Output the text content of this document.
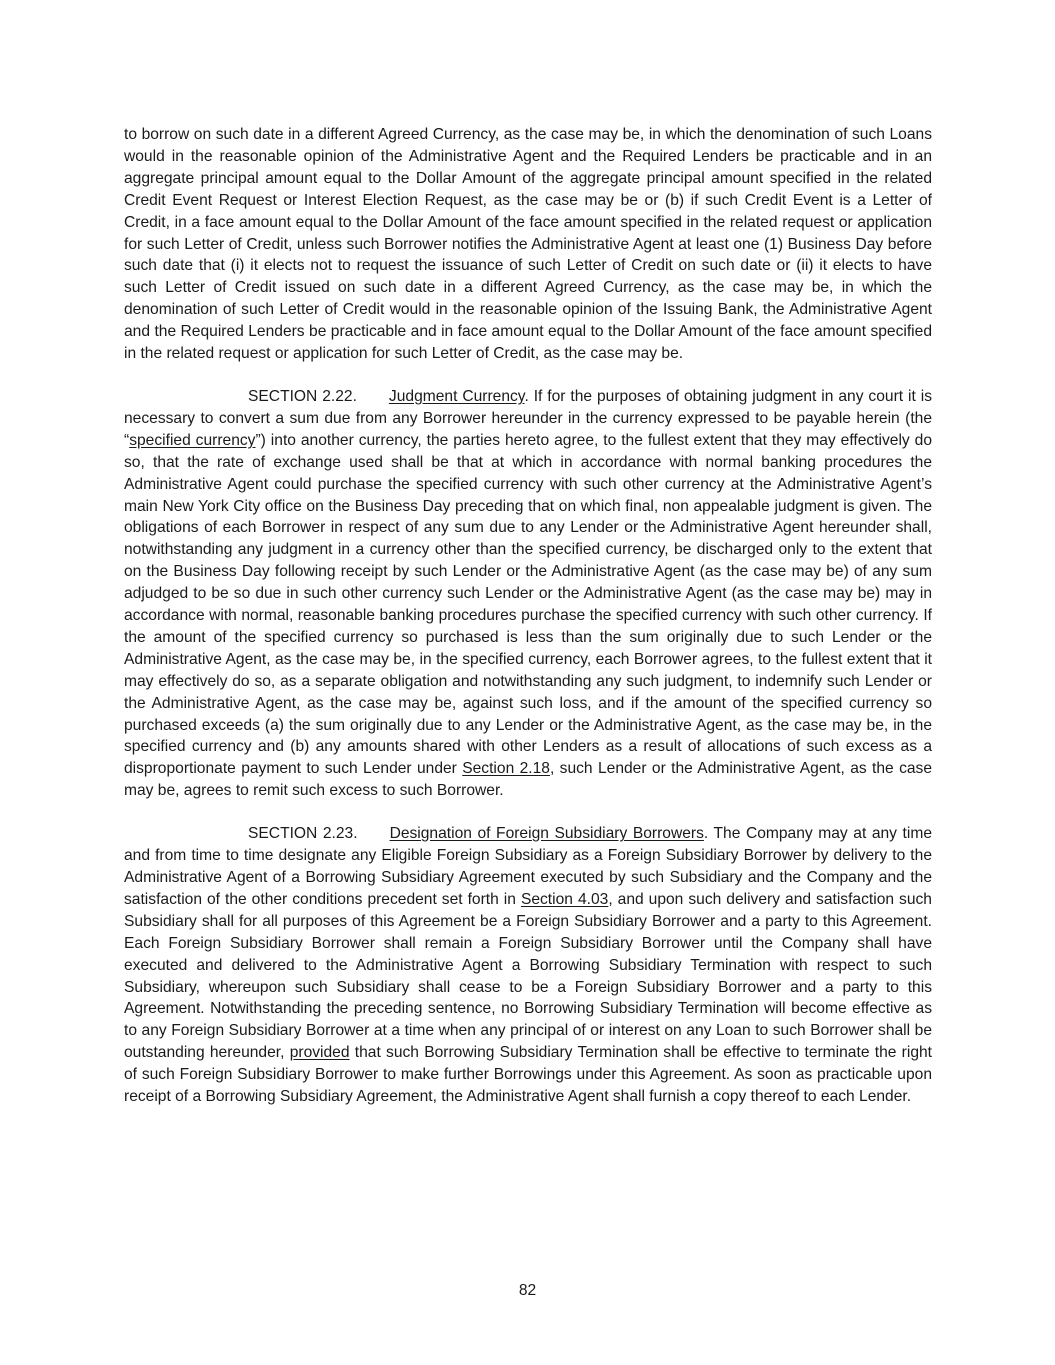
to borrow on such date in a different Agreed Currency, as the case may be, in which the denomination of such Loans would in the reasonable opinion of the Administrative Agent and the Required Lenders be practicable and in an aggregate principal amount equal to the Dollar Amount of the aggregate principal amount specified in the related Credit Event Request or Interest Election Request, as the case may be or (b) if such Credit Event is a Letter of Credit, in a face amount equal to the Dollar Amount of the face amount specified in the related request or application for such Letter of Credit, unless such Borrower notifies the Administrative Agent at least one (1) Business Day before such date that (i) it elects not to request the issuance of such Letter of Credit on such date or (ii) it elects to have such Letter of Credit issued on such date in a different Agreed Currency, as the case may be, in which the denomination of such Letter of Credit would in the reasonable opinion of the Issuing Bank, the Administrative Agent and the Required Lenders be practicable and in face amount equal to the Dollar Amount of the face amount specified in the related request or application for such Letter of Credit, as the case may be.

SECTION 2.22. Judgment Currency. If for the purposes of obtaining judgment in any court it is necessary to convert a sum due from any Borrower hereunder in the currency expressed to be payable herein (the “specified currency”) into another currency, the parties hereto agree, to the fullest extent that they may effectively do so, that the rate of exchange used shall be that at which in accordance with normal banking procedures the Administrative Agent could purchase the specified currency with such other currency at the Administrative Agent’s main New York City office on the Business Day preceding that on which final, non appealable judgment is given. The obligations of each Borrower in respect of any sum due to any Lender or the Administrative Agent hereunder shall, notwithstanding any judgment in a currency other than the specified currency, be discharged only to the extent that on the Business Day following receipt by such Lender or the Administrative Agent (as the case may be) of any sum adjudged to be so due in such other currency such Lender or the Administrative Agent (as the case may be) may in accordance with normal, reasonable banking procedures purchase the specified currency with such other currency. If the amount of the specified currency so purchased is less than the sum originally due to such Lender or the Administrative Agent, as the case may be, in the specified currency, each Borrower agrees, to the fullest extent that it may effectively do so, as a separate obligation and notwithstanding any such judgment, to indemnify such Lender or the Administrative Agent, as the case may be, against such loss, and if the amount of the specified currency so purchased exceeds (a) the sum originally due to any Lender or the Administrative Agent, as the case may be, in the specified currency and (b) any amounts shared with other Lenders as a result of allocations of such excess as a disproportionate payment to such Lender under Section 2.18, such Lender or the Administrative Agent, as the case may be, agrees to remit such excess to such Borrower.

SECTION 2.23. Designation of Foreign Subsidiary Borrowers. The Company may at any time and from time to time designate any Eligible Foreign Subsidiary as a Foreign Subsidiary Borrower by delivery to the Administrative Agent of a Borrowing Subsidiary Agreement executed by such Subsidiary and the Company and the satisfaction of the other conditions precedent set forth in Section 4.03, and upon such delivery and satisfaction such Subsidiary shall for all purposes of this Agreement be a Foreign Subsidiary Borrower and a party to this Agreement. Each Foreign Subsidiary Borrower shall remain a Foreign Subsidiary Borrower until the Company shall have executed and delivered to the Administrative Agent a Borrowing Subsidiary Termination with respect to such Subsidiary, whereupon such Subsidiary shall cease to be a Foreign Subsidiary Borrower and a party to this Agreement. Notwithstanding the preceding sentence, no Borrowing Subsidiary Termination will become effective as to any Foreign Subsidiary Borrower at a time when any principal of or interest on any Loan to such Borrower shall be outstanding hereunder, provided that such Borrowing Subsidiary Termination shall be effective to terminate the right of such Foreign Subsidiary Borrower to make further Borrowings under this Agreement. As soon as practicable upon receipt of a Borrowing Subsidiary Agreement, the Administrative Agent shall furnish a copy thereof to each Lender.

82
